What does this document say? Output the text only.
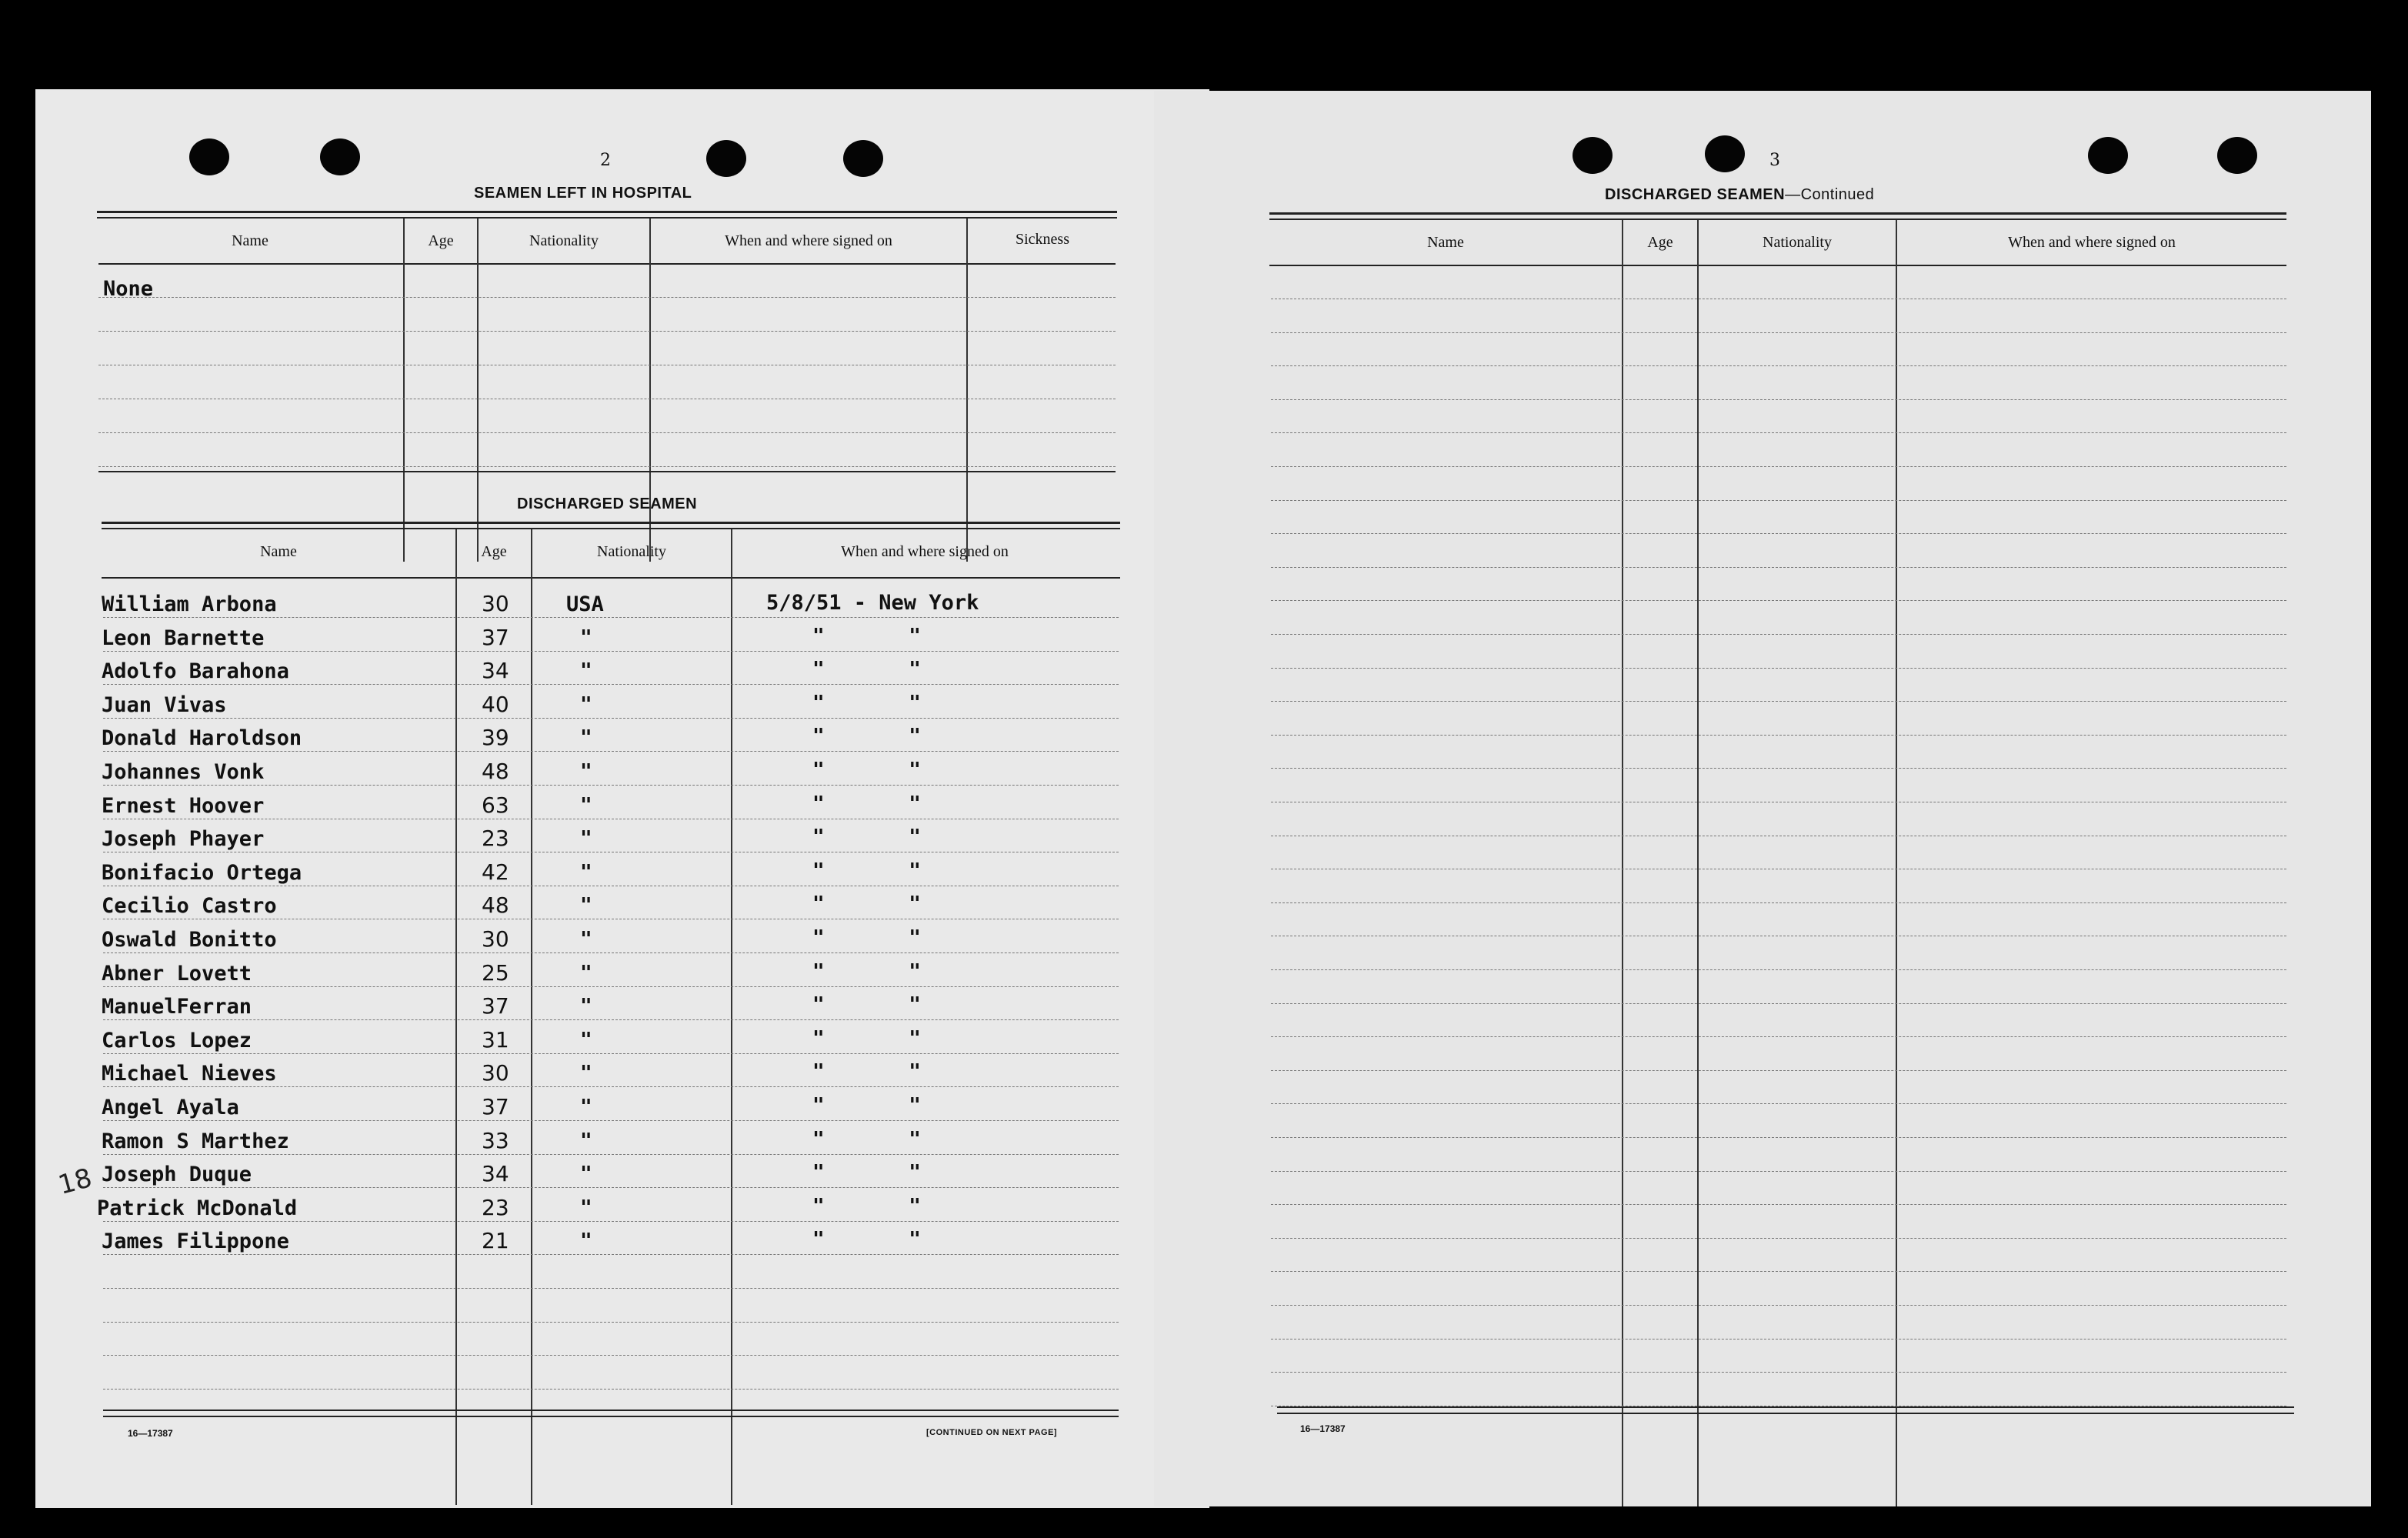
2
SEAMEN LEFT IN HOSPITAL
Name	Age	Nationality	When and where signed on	Sickness
None
DISCHARGED SEAMEN
Name	Age	Nationality	When and where signed on
William Arbona	30	USA	5/8/51 - New York
Leon Barnette	37	"	"       "
Adolfo Barahona	34	"	"       "
Juan Vivas	40	"	"       "
Donald Haroldson	39	"	"       "
Johannes Vonk	48	"	"       "
Ernest Hoover	63	"	"       "
Joseph Phayer	23	"	"       "
Bonifacio Ortega	42	"	"       "
Cecilio Castro	48	"	"       "
Oswald Bonitto	30	"	"       "
Abner Lovett	25	"	"       "
ManuelFerran	37	"	"       "
Carlos Lopez	31	"	"       "
Michael Nieves	30	"	"       "
Angel Ayala	37	"	"       "
Ramon S Marthez	33	"	"       "
Joseph Duque	34	"	"       "
Patrick McDonald	23	"	"       "
James Filippone	21	"	"       "
18
16—17387	[CONTINUED ON NEXT PAGE]
3
DISCHARGED SEAMEN—Continued
Name	Age	Nationality	When and where signed on
16—17387
